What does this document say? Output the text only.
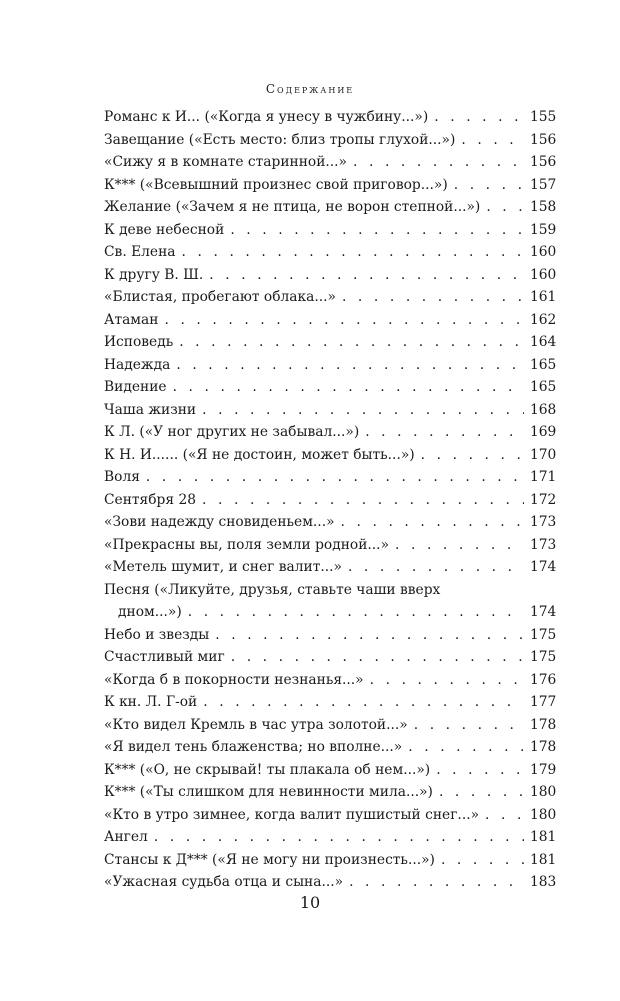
Содержание
Романс к И... («Когда я унесу в чужбину...») . . .	155
Завещание («Есть место: близ тропы глухой...») . . .	156
«Сижу я в комнате старинной...» . . .	156
К*** («Всевышний произнес свой приговор...») . . .	157
Желание («Зачем я не птица, не ворон степной...») . . .	158
К деве небесной . . .	159
Св. Елена . . .	160
К другу В. Ш. . . .	160
«Блистая, пробегают облака...» . . .	161
Атаман . . .	162
Исповедь . . .	164
Надежда . . .	165
Видение . . .	165
Чаша жизни . . .	168
К Л. («У ног других не забывал...») . . .	169
К Н. И...... («Я не достоин, может быть...») . . .	170
Воля . . .	171
Сентября 28 . . .	172
«Зови надежду сновиденьем...» . . .	173
«Прекрасны вы, поля земли родной...» . . .	173
«Метель шумит, и снег валит...» . . .	174
Песня («Ликуйте, друзья, ставьте чаши вверх
дном...») . . .	174
Небо и звезды . . .	175
Счастливый миг . . .	175
«Когда б в покорности незнанья...» . . .	176
К кн. Л. Г-ой . . .	177
«Кто видел Кремль в час утра золотой...» . . .	178
«Я видел тень блаженства; но вполне...» . . .	178
К*** («О, не скрывай! ты плакала об нем...») . . .	179
К*** («Ты слишком для невинности мила...») . . .	180
«Кто в утро зимнее, когда валит пушистый снег...» . . .	180
Ангел . . .	181
Стансы к Д*** («Я не могу ни произнесть...») . . .	181
«Ужасная судьба отца и сына...» . . .	183
10
